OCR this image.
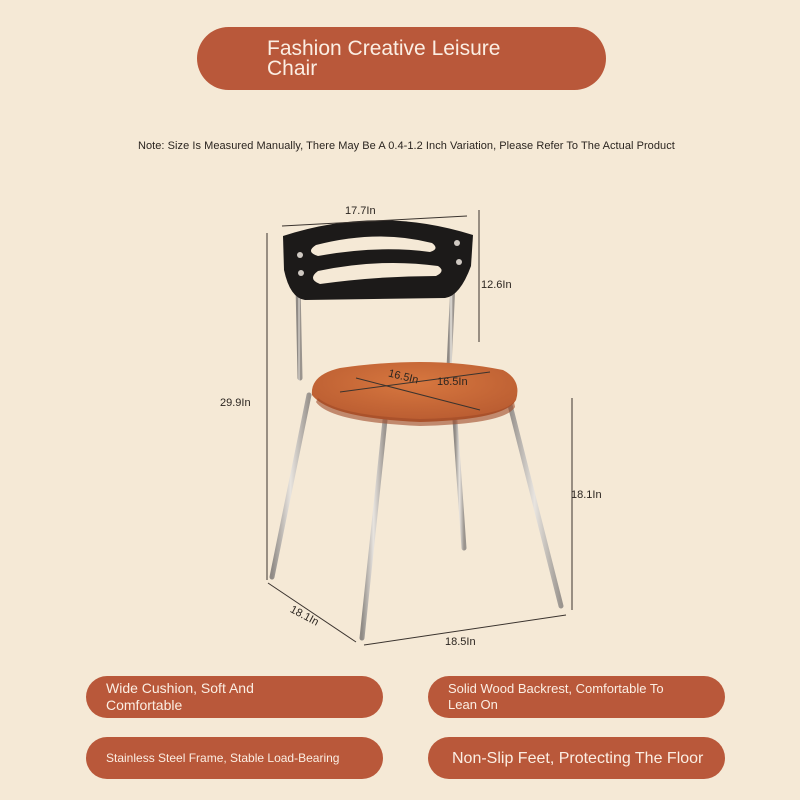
Fashion Creative Leisure
Chair
Note: Size Is Measured Manually, There May Be A 0.4-1.2 Inch Variation, Please Refer To The Actual Product
17.7In
12.6In
29.9In
16.5In 16.5In
18.1In
18.1In
18.5In
Wide Cushion, Soft And
Comfortable
Solid Wood Backrest, Comfortable To
Lean On
Stainless Steel Frame, Stable Load-Bearing	Non-Slip Feet, Protecting The Floor
